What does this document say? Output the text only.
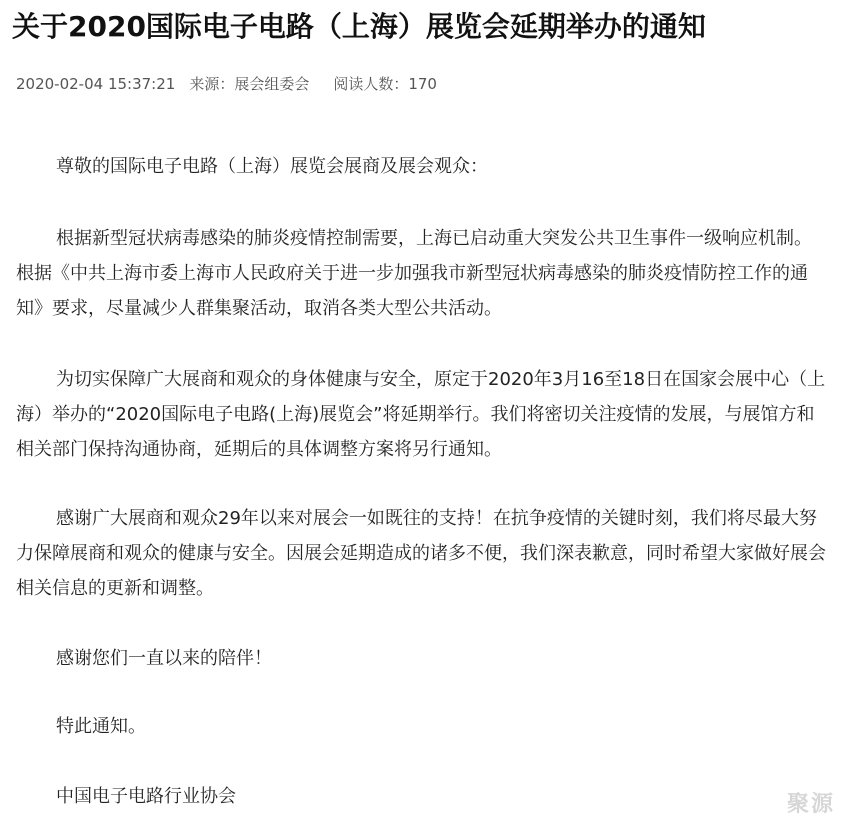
关于2020国际电子电路（上海）展览会延期举办的通知
2020-02-04 15:37:21 来源：展会组委会 阅读人数：170

尊敬的国际电子电路（上海）展览会展商及展会观众：

根据新型冠状病毒感染的肺炎疫情控制需要，上海已启动重大突发公共卫生事件一级响应机制。根据《中共上海市委上海市人民政府关于进一步加强我市新型冠状病毒感染的肺炎疫情防控工作的通知》要求，尽量减少人群集聚活动，取消各类大型公共活动。

为切实保障广大展商和观众的身体健康与安全，原定于2020年3月16至18日在国家会展中心（上海）举办的“2020国际电子电路(上海)展览会”将延期举行。我们将密切关注疫情的发展，与展馆方和相关部门保持沟通协商，延期后的具体调整方案将另行通知。

感谢广大展商和观众29年以来对展会一如既往的支持！在抗争疫情的关键时刻，我们将尽最大努力保障展商和观众的健康与安全。因展会延期造成的诸多不便，我们深表歉意，同时希望大家做好展会相关信息的更新和调整。

感谢您们一直以来的陪伴！

特此通知。

中国电子电路行业协会	聚源
